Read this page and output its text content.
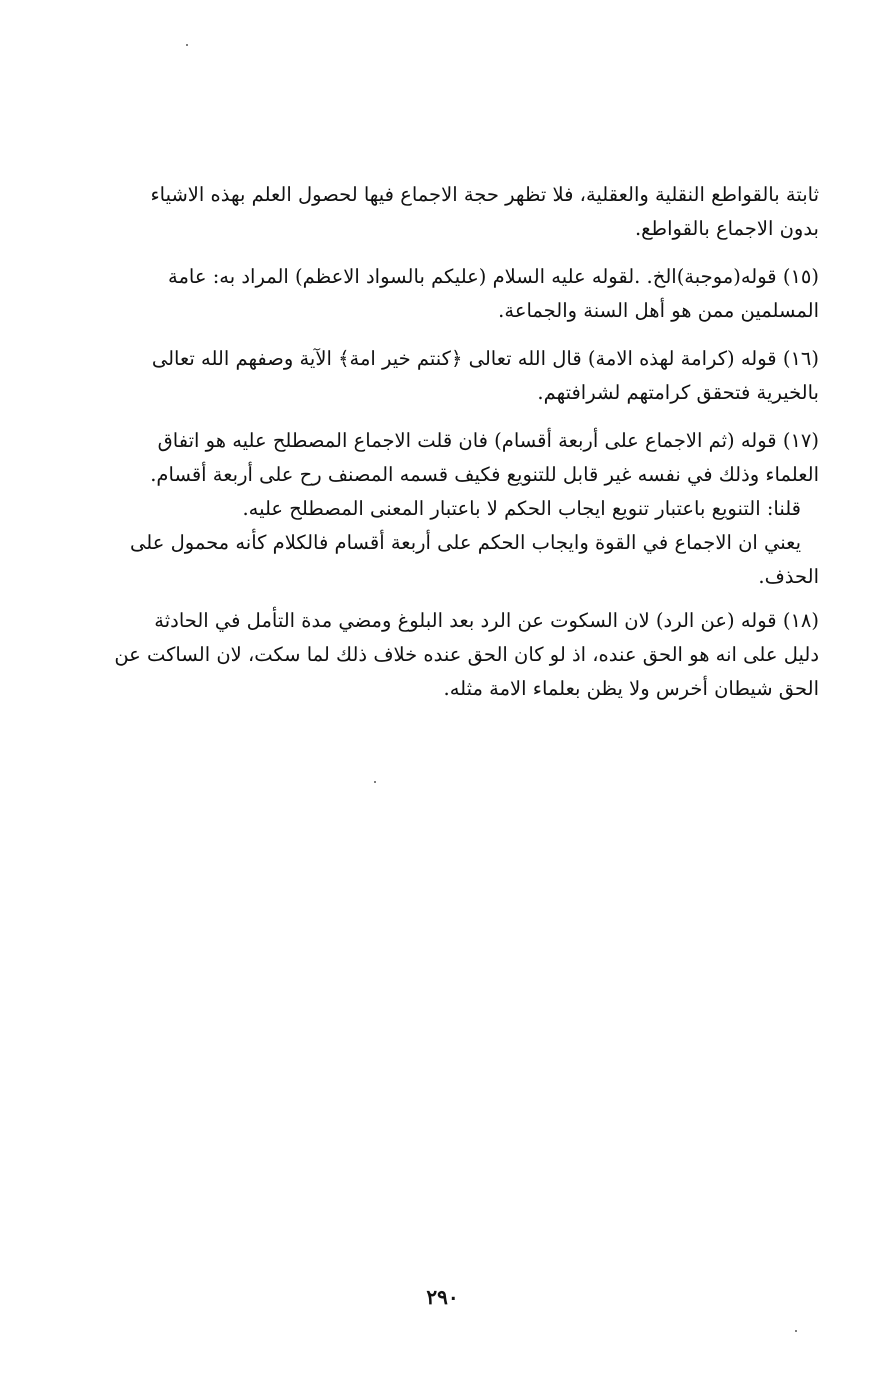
ثابتة بالقواطع النقلية والعقلية، فلا تظهر حجة الاجماع فيها لحصول العلم بهذه الاشياء
بدون الاجماع بالقواطع.

(١٥) قوله(موجبة)الخ. .لقوله عليه السلام (عليكم بالسواد الاعظم) المراد به: عامة
المسلمين ممن هو أهل السنة والجماعة.

(١٦) قوله (كرامة لهذه الامة) قال الله تعالى ﴿كنتم خير امة﴾ الآية وصفهم الله تعالى
بالخيرية فتحقق كرامتهم لشرافتهم.

(١٧) قوله (ثم الاجماع على أربعة أقسام) فان قلت الاجماع المصطلح عليه هو اتفاق
العلماء وذلك في نفسه غير قابل للتنويع فكيف قسمه المصنف رح على أربعة أقسام.
قلنا: التنويع باعتبار تنويع ايجاب الحكم لا باعتبار المعنى المصطلح عليه.
يعني ان الاجماع في القوة وايجاب الحكم على أربعة أقسام فالكلام كأنه محمول على
الحذف.

(١٨) قوله (عن الرد) لان السكوت عن الرد بعد البلوغ ومضي مدة التأمل في الحادثة
دليل على انه هو الحق عنده، اذ لو كان الحق عنده خلاف ذلك لما سكت، لان الساكت عن
الحق شيطان أخرس ولا يظن بعلماء الامة مثله.

٢٩٠
